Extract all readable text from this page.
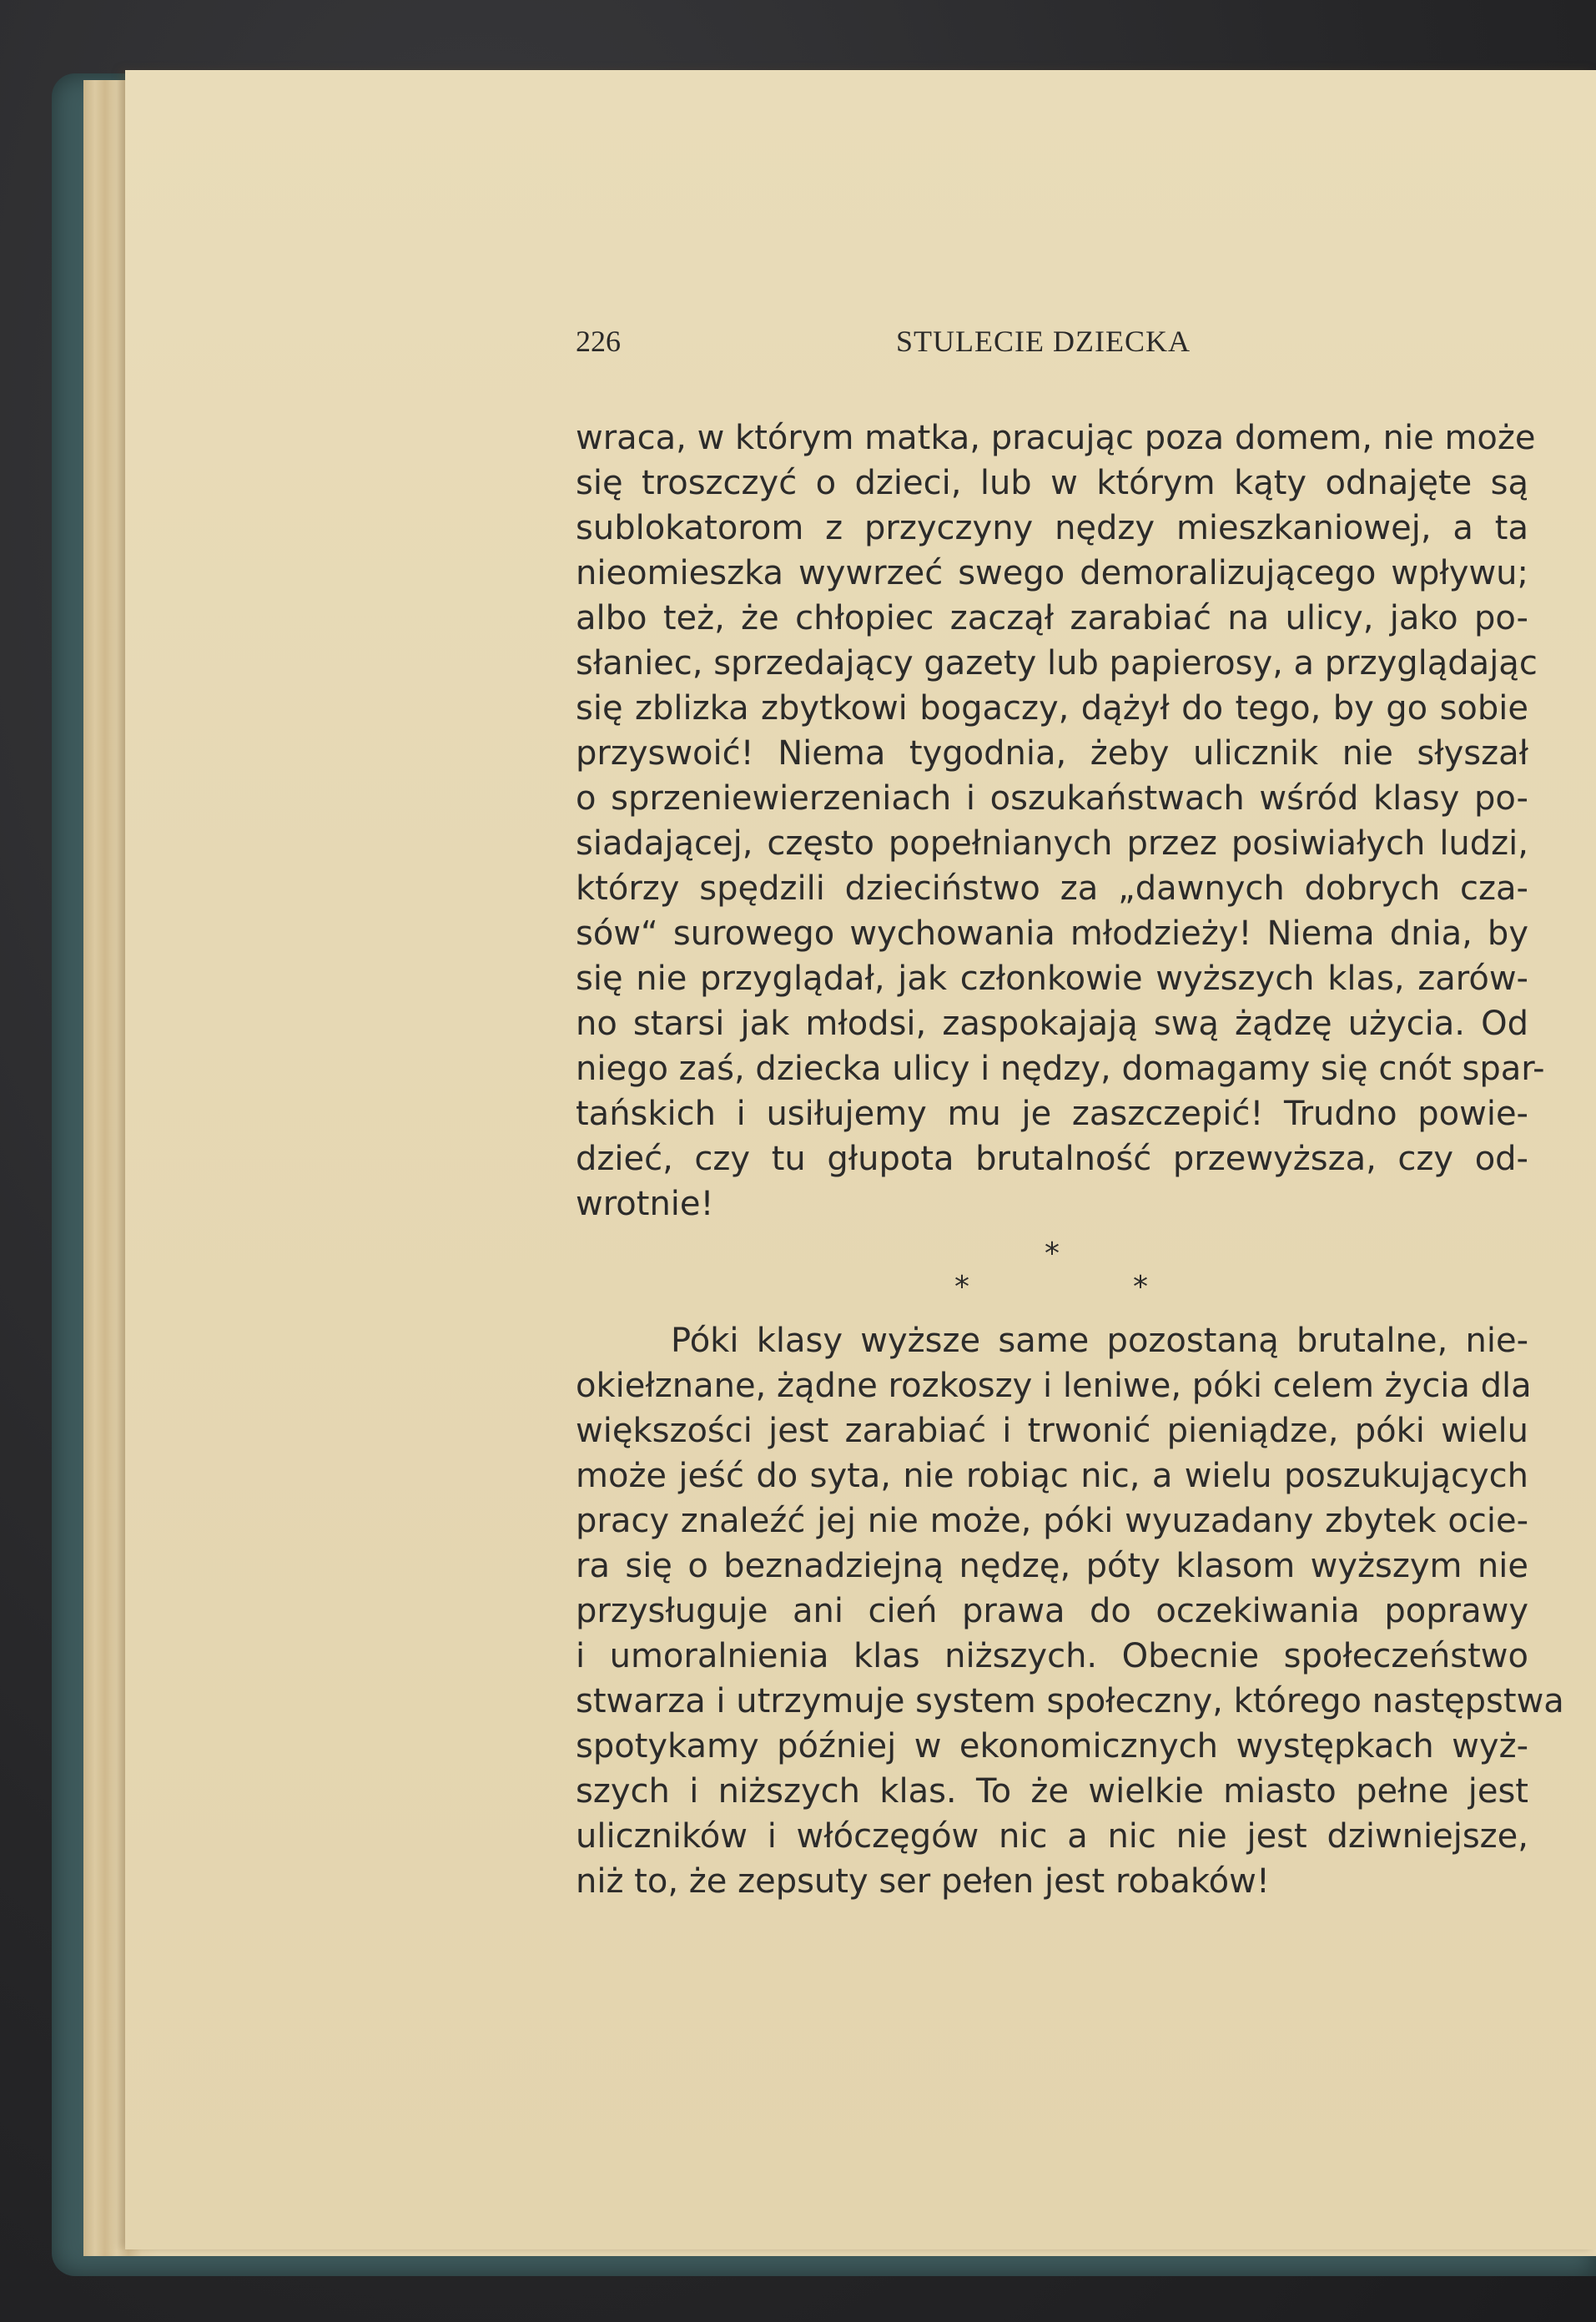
226	STULECIE DZIECKA
wraca, w którym matka, pracując poza domem, nie może
się troszczyć o dzieci, lub w którym kąty odnajęte są
sublokatorom z przyczyny nędzy mieszkaniowej, a ta
nieomieszka wywrzeć swego demoralizującego wpływu;
albo też, że chłopiec zaczął zarabiać na ulicy, jako po-
słaniec, sprzedający gazety lub papierosy, a przyglądając
się zblizka zbytkowi bogaczy, dążył do tego, by go sobie
przyswoić! Niema tygodnia, żeby ulicznik nie słyszał
o sprzeniewierzeniach i oszukaństwach wśród klasy po-
siadającej, często popełnianych przez posiwiałych ludzi,
którzy spędzili dzieciństwo za „dawnych dobrych cza-
sów“ surowego wychowania młodzieży! Niema dnia, by
się nie przyglądał, jak członkowie wyższych klas, zarów-
no starsi jak młodsi, zaspokajają swą żądzę użycia. Od
niego zaś, dziecka ulicy i nędzy, domagamy się cnót spar-
tańskich i usiłujemy mu je zaszczepić! Trudno powie-
dzieć, czy tu głupota brutalność przewyższa, czy od-
wrotnie!
*
*	*
Póki klasy wyższe same pozostaną brutalne, nie-
okiełznane, żądne rozkoszy i leniwe, póki celem życia dla
większości jest zarabiać i trwonić pieniądze, póki wielu
może jeść do syta, nie robiąc nic, a wielu poszukujących
pracy znaleźć jej nie może, póki wyuzadany zbytek ocie-
ra się o beznadziejną nędzę, póty klasom wyższym nie
przysługuje ani cień prawa do oczekiwania poprawy
i umoralnienia klas niższych. Obecnie społeczeństwo
stwarza i utrzymuje system społeczny, którego następstwa
spotykamy później w ekonomicznych występkach wyż-
szych i niższych klas. To że wielkie miasto pełne jest
uliczników i włóczęgów nic a nic nie jest dziwniejsze,
niż to, że zepsuty ser pełen jest robaków!
